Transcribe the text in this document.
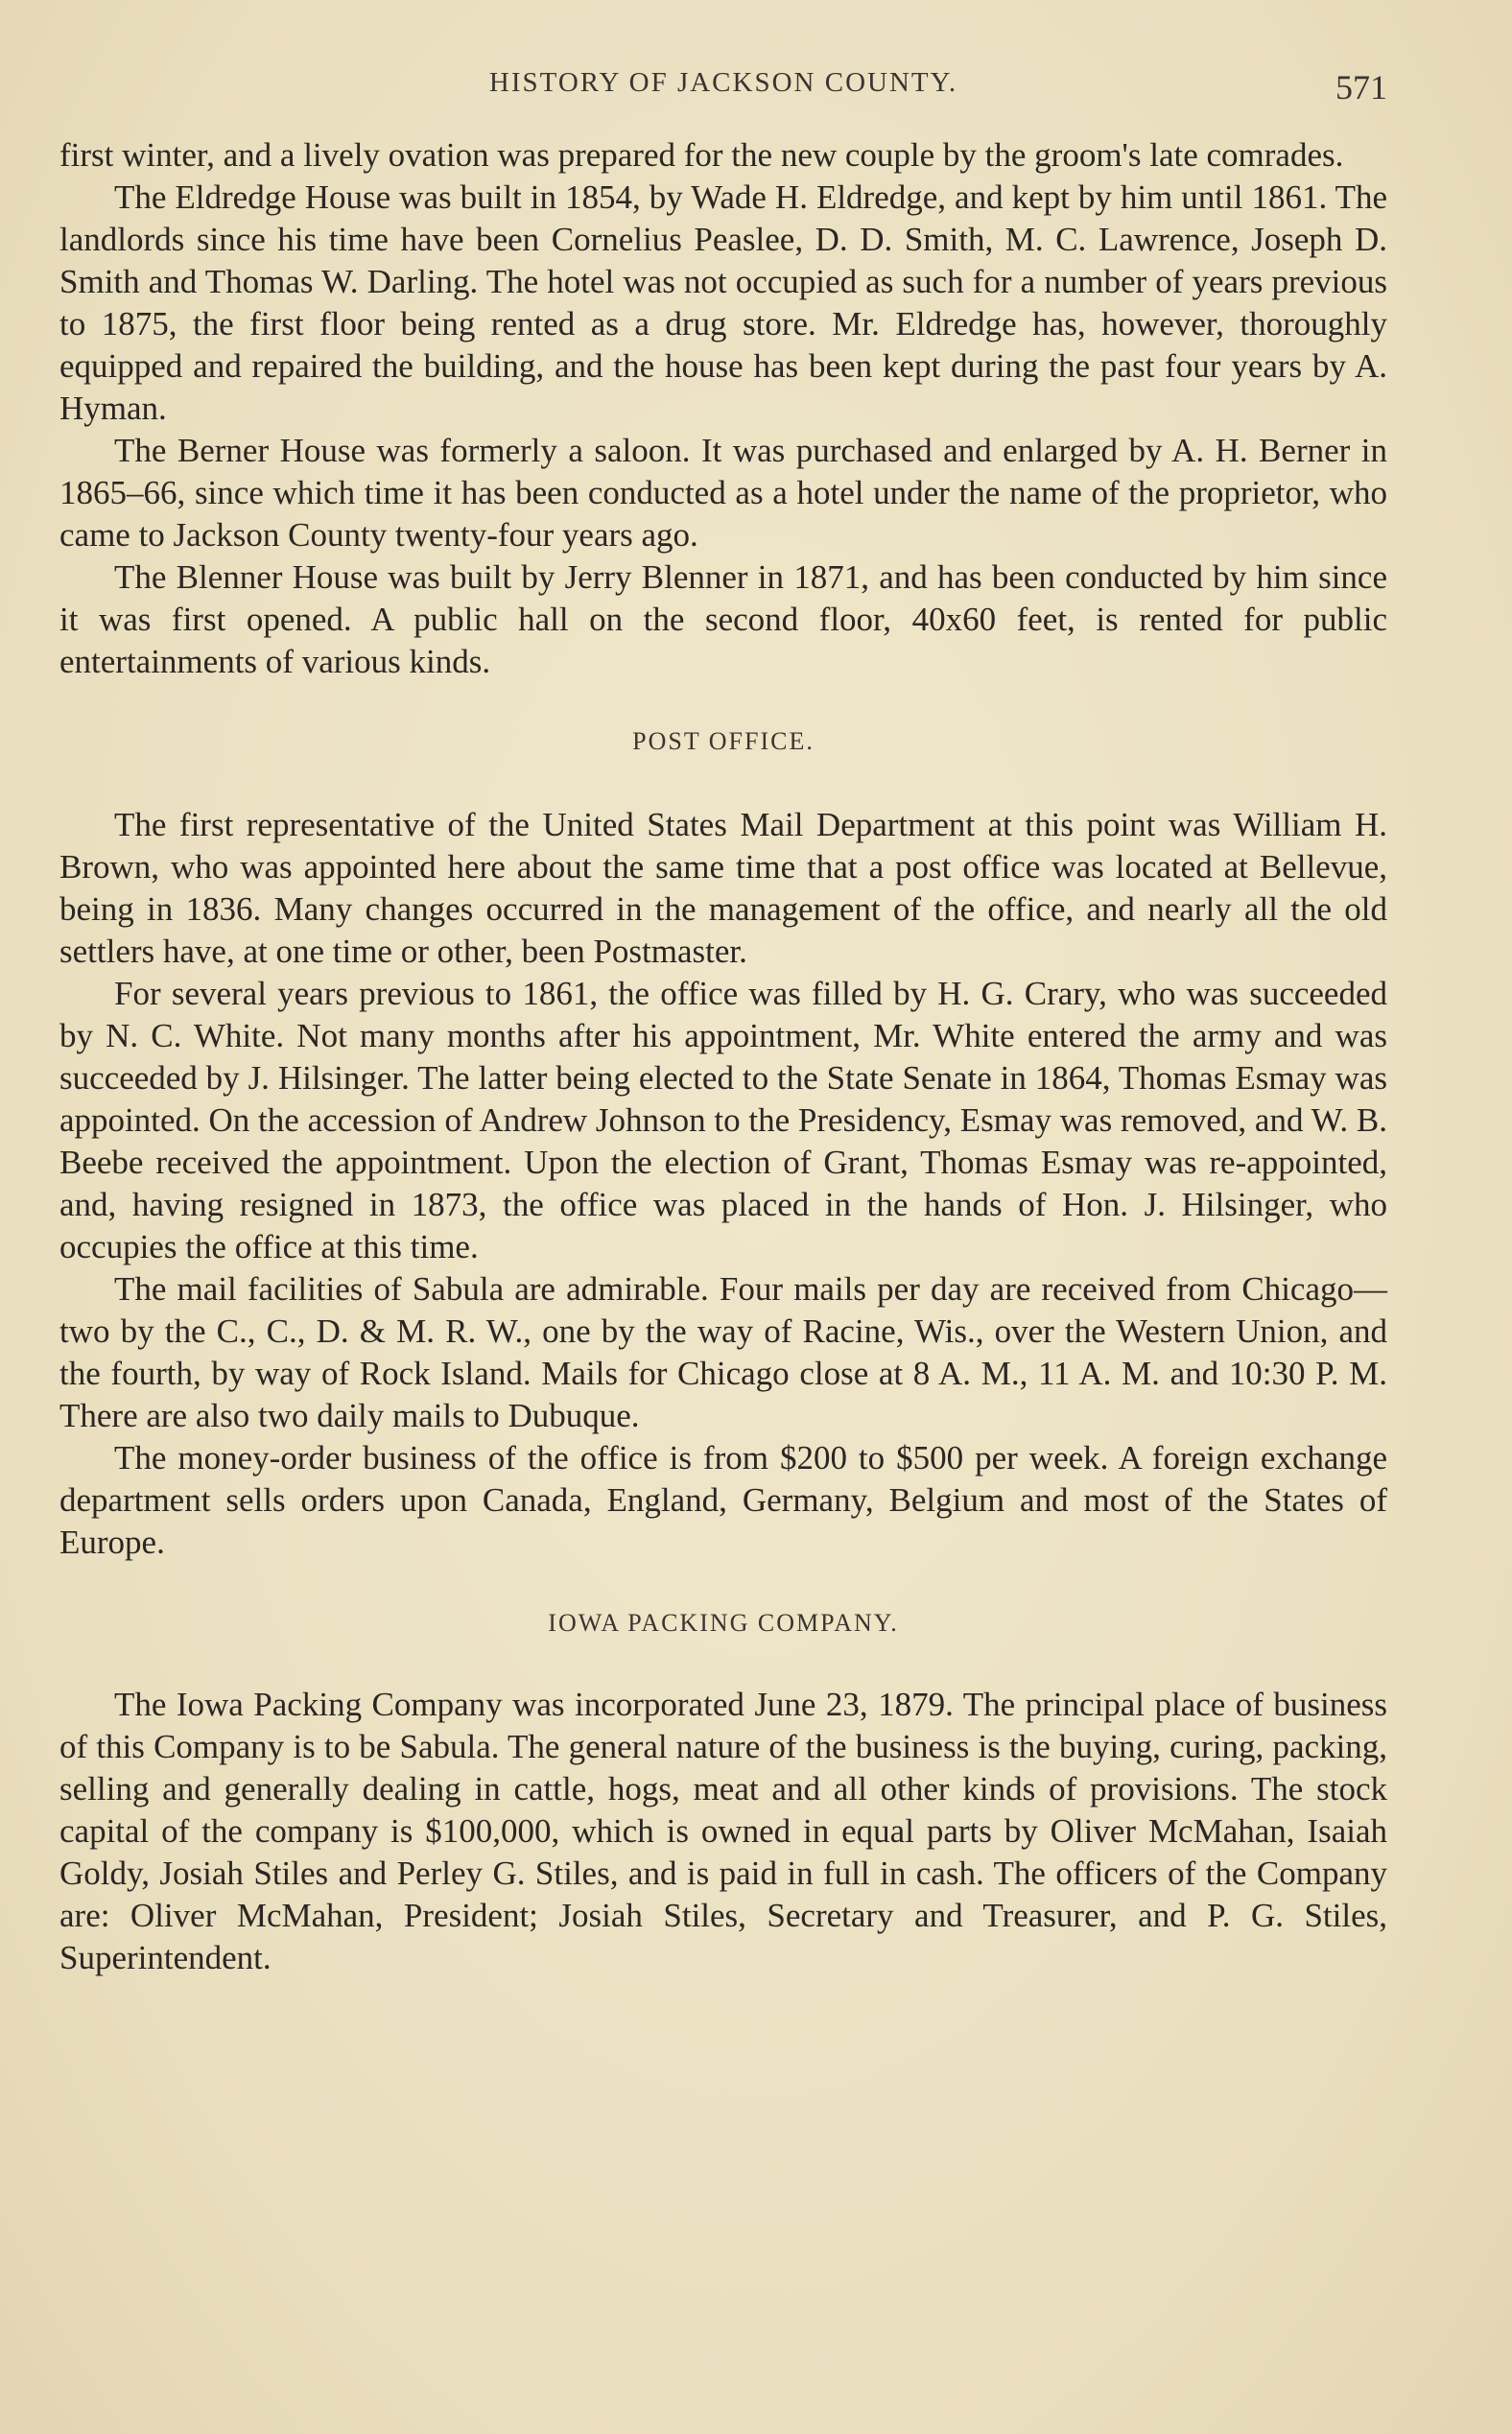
HISTORY OF JACKSON COUNTY.	571

first winter, and a lively ovation was prepared for the new couple by the groom's late comrades.

The Eldredge House was built in 1854, by Wade H. Eldredge, and kept by him until 1861. The landlords since his time have been Cornelius Peaslee, D. D. Smith, M. C. Lawrence, Joseph D. Smith and Thomas W. Darling. The hotel was not occupied as such for a number of years previous to 1875, the first floor being rented as a drug store. Mr. Eldredge has, however, thoroughly equipped and repaired the building, and the house has been kept during the past four years by A. Hyman.

The Berner House was formerly a saloon. It was purchased and enlarged by A. H. Berner in 1865–66, since which time it has been conducted as a hotel under the name of the proprietor, who came to Jackson County twenty-four years ago.

The Blenner House was built by Jerry Blenner in 1871, and has been conducted by him since it was first opened. A public hall on the second floor, 40x60 feet, is rented for public entertainments of various kinds.

POST OFFICE.

The first representative of the United States Mail Department at this point was William H. Brown, who was appointed here about the same time that a post office was located at Bellevue, being in 1836. Many changes occurred in the management of the office, and nearly all the old settlers have, at one time or other, been Postmaster.

For several years previous to 1861, the office was filled by H. G. Crary, who was succeeded by N. C. White. Not many months after his appointment, Mr. White entered the army and was succeeded by J. Hilsinger. The latter being elected to the State Senate in 1864, Thomas Esmay was appointed. On the accession of Andrew Johnson to the Presidency, Esmay was removed, and W. B. Beebe received the appointment. Upon the election of Grant, Thomas Esmay was re-appointed, and, having resigned in 1873, the office was placed in the hands of Hon. J. Hilsinger, who occupies the office at this time.

The mail facilities of Sabula are admirable. Four mails per day are received from Chicago—two by the C., C., D. & M. R. W., one by the way of Racine, Wis., over the Western Union, and the fourth, by way of Rock Island. Mails for Chicago close at 8 A. M., 11 A. M. and 10:30 P. M. There are also two daily mails to Dubuque.

The money-order business of the office is from $200 to $500 per week. A foreign exchange department sells orders upon Canada, England, Germany, Belgium and most of the States of Europe.

IOWA PACKING COMPANY.

The Iowa Packing Company was incorporated June 23, 1879. The principal place of business of this Company is to be Sabula. The general nature of the business is the buying, curing, packing, selling and generally dealing in cattle, hogs, meat and all other kinds of provisions. The stock capital of the company is $100,000, which is owned in equal parts by Oliver McMahan, Isaiah Goldy, Josiah Stiles and Perley G. Stiles, and is paid in full in cash. The officers of the Company are: Oliver McMahan, President; Josiah Stiles, Secretary and Treasurer, and P. G. Stiles, Superintendent.
